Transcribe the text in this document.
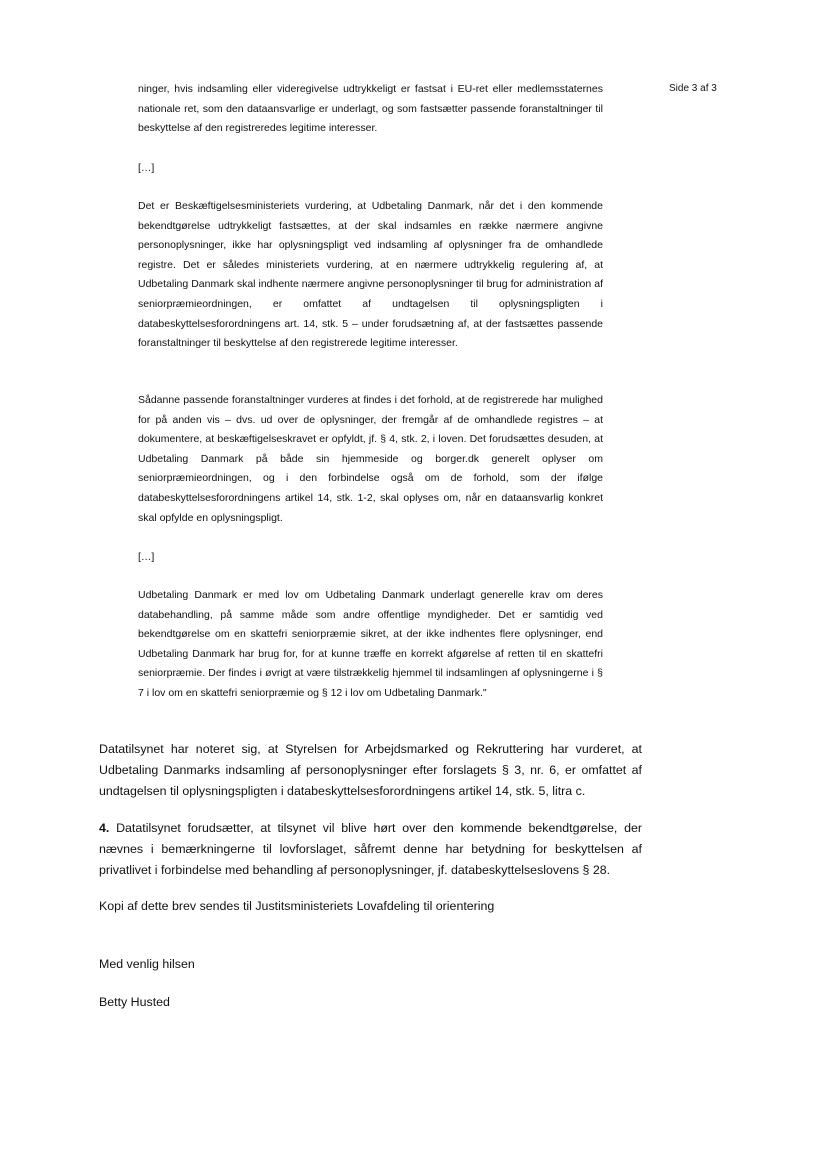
Side 3 af 3

ninger, hvis indsamling eller videregivelse udtrykkeligt er fastsat i EU-ret eller medlemsstaternes nationale ret, som den dataansvarlige er underlagt, og som fastsætter passende foranstaltninger til beskyttelse af den registreredes legitime interesser.

[…]

Det er Beskæftigelsesministeriets vurdering, at Udbetaling Danmark, når det i den kommende bekendtgørelse udtrykkeligt fastsættes, at der skal indsamles en række nærmere angivne personoplysninger, ikke har oplysningspligt ved indsamling af oplysninger fra de omhandlede registre. Det er således ministeriets vurdering, at en nærmere udtrykkelig regulering af, at Udbetaling Danmark skal indhente nærmere angivne personoplysninger til brug for administration af seniorpræmieordningen, er omfattet af undtagelsen til oplysningspligten i databeskyttelsesforordningens art. 14, stk. 5 – under forudsætning af, at der fastsættes passende foranstaltninger til beskyttelse af den registrerede legitime interesser.

Sådanne passende foranstaltninger vurderes at findes i det forhold, at de registrerede har mulighed for på anden vis – dvs. ud over de oplysninger, der fremgår af de omhandlede registres – at dokumentere, at beskæftigelseskravet er opfyldt, jf. § 4, stk. 2, i loven. Det forudsættes desuden, at Udbetaling Danmark på både sin hjemmeside og borger.dk generelt oplyser om seniorpræmieordningen, og i den forbindelse også om de forhold, som der ifølge databeskyttelsesforordningens artikel 14, stk. 1-2, skal oplyses om, når en dataansvarlig konkret skal opfylde en oplysningspligt.

[…]

Udbetaling Danmark er med lov om Udbetaling Danmark underlagt generelle krav om deres databehandling, på samme måde som andre offentlige myndigheder. Det er samtidig ved bekendtgørelse om en skattefri seniorpræmie sikret, at der ikke indhentes flere oplysninger, end Udbetaling Danmark har brug for, for at kunne træffe en korrekt afgørelse af retten til en skattefri seniorpræmie. Der findes i øvrigt at være tilstrækkelig hjemmel til indsamlingen af oplysningerne i § 7 i lov om en skattefri seniorpræmie og § 12 i lov om Udbetaling Danmark."

Datatilsynet har noteret sig, at Styrelsen for Arbejdsmarked og Rekruttering har vurderet, at Udbetaling Danmarks indsamling af personoplysninger efter forslagets § 3, nr. 6, er omfattet af undtagelsen til oplysningspligten i databeskyttelsesforordningens artikel 14, stk. 5, litra c.

4. Datatilsynet forudsætter, at tilsynet vil blive hørt over den kommende bekendtgørelse, der nævnes i bemærkningerne til lovforslaget, såfremt denne har betydning for beskyttelsen af privatlivet i forbindelse med behandling af personoplysninger, jf. databeskyttelseslovens § 28.

Kopi af dette brev sendes til Justitsministeriets Lovafdeling til orientering
Med venlig hilsen
Betty Husted
